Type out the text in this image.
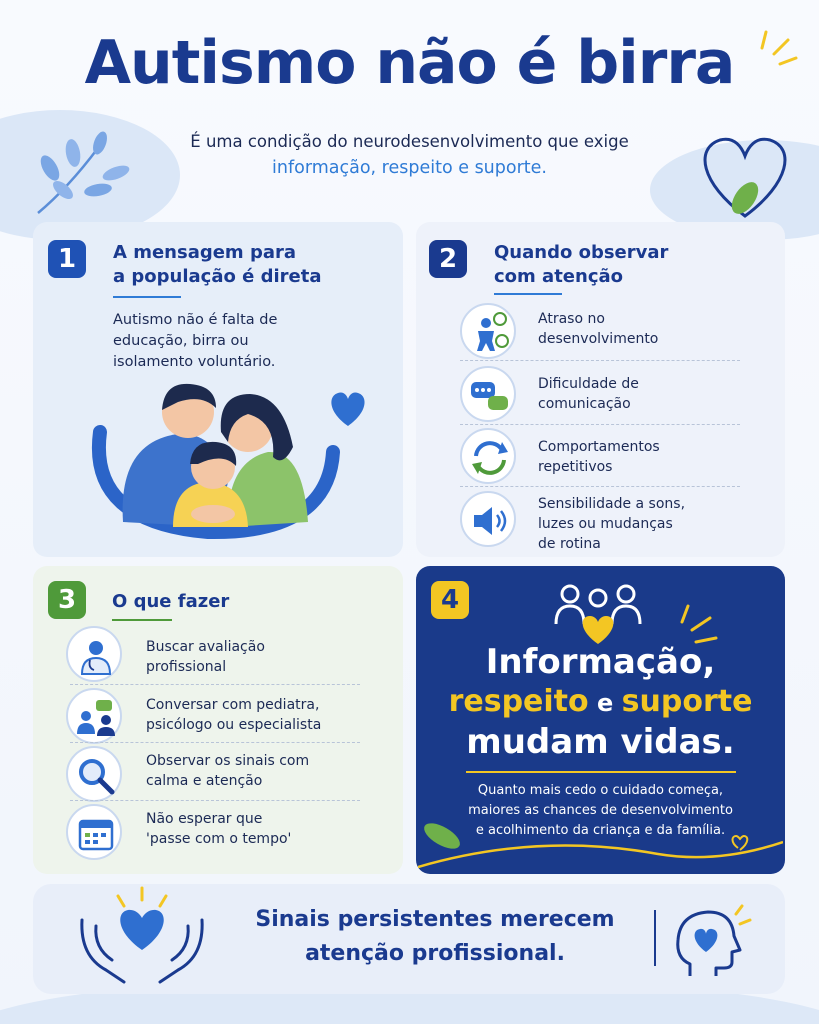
Autismo não é birra
É uma condição do neurodesenvolvimento que exige
informação, respeito e suporte.
1	A mensagem para
a população é direta
Autismo não é falta de
educação, birra ou
isolamento voluntário.
2	Quando observar
com atenção
Atraso no
desenvolvimento
Dificuldade de
comunicação
Comportamentos
repetitivos
Sensibilidade a sons,
luzes ou mudanças
de rotina
3	O que fazer
Buscar avaliação
profissional
Conversar com pediatra,
psicólogo ou especialista
Observar os sinais com
calma e atenção
Não esperar que
'passe com o tempo'
4
Informação,
respeito e suporte
mudam vidas.
Quanto mais cedo o cuidado começa,
maiores as chances de desenvolvimento
e acolhimento da criança e da família.
Sinais persistentes merecem
atenção profissional.
